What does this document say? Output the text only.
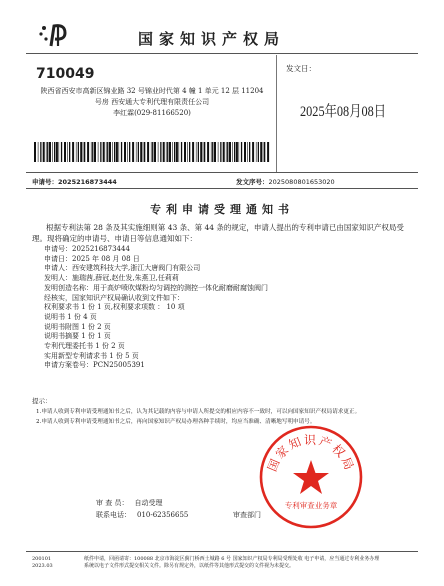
国家知识产权局
710049
陕西省西安市高新区锦业路 32 号锦业时代第 4 幢 1 单元 12 层 11204
号房 西安通大专利代理有限责任公司
李红霖(029-81166520)
发文日：
2025年08月08日
申请号：2025216873444	发文序号：2025080801653020
专利申请受理通知书
根据专利法第 28 条及其实施细则第 43 条、第 44 条的规定，申请人提出的专利申请已由国家知识产权局受理。现将确定的申请号、申请日等信息通知如下：
申请号：2025216873444
申请日：2025 年 08 月 08 日
申请人：西安建筑科技大学,浙江大唐阀门有限公司
发明人：施瑞茜,薛冠,赵仕发,朱燕卫,任莉莉
发明创造名称：用于高炉喷吹煤粉均匀调控的测控一体化耐磨耐腐蚀阀门
经核实，国家知识产权局确认收到文件如下：
权利要求书 1 份 1 页,权利要求项数 ： 10 项
说明书 1 份 4 页
说明书附图 1 份 2 页
说明书摘要 1 份 1 页
专利代理委托书 1 份 2 页
实用新型专利请求书 1 份 5 页
申请方案卷号：PCN25005391
提示：
1.申请人收到专利申请受理通知书之后，认为其记载的内容与申请人所提交的相应内容不一致时，可以向国家知识产权局请求更正。
2.申请人收到专利申请受理通知书之后，再向国家知识产权局办理各种手续时，均应当准确、清晰地写明申请号。
国家知识产权局
专利审查业务章
审 查 员： 自动受理
联系电话： 010-62356655	审查部门
200101
2023.03
纸件申请，回函请寄：100088 北京市海淀区蓟门桥西土城路 6 号 国家知识产权局专利局受理处收 电子申请，应当通过专利业务办理系统以电子文件形式提交相关文件。除另有规定外，以纸件等其他形式提交的文件视为未提交。
